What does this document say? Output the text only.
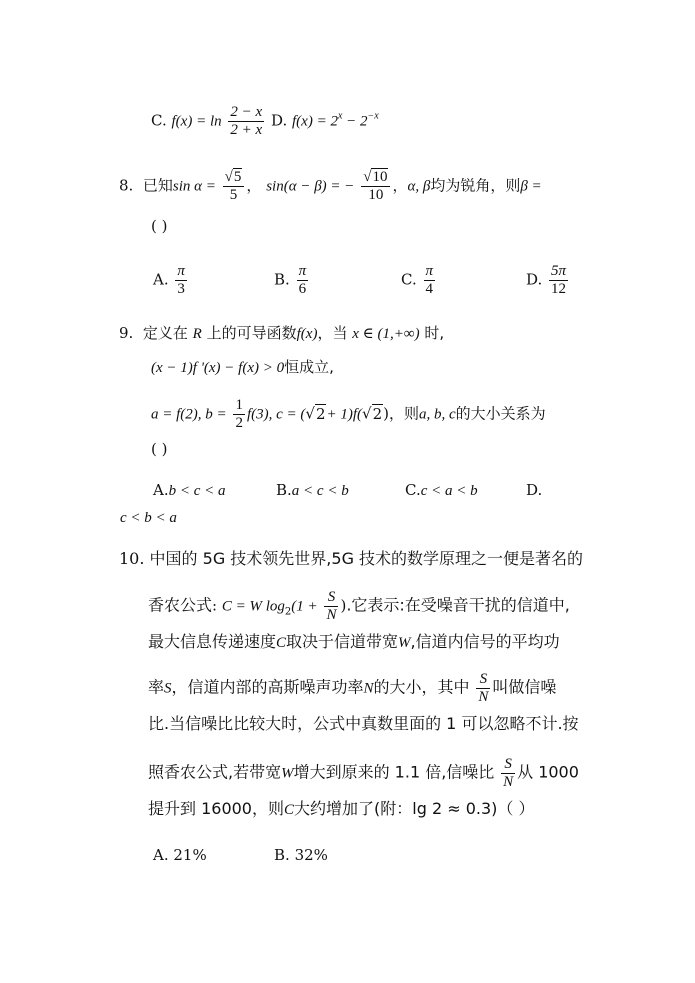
C. $f(x) = \ln \frac{2 - x}{2 + x} D$. $f(x) = 2^x - 2^{-x}$
8. 已知$\sin \alpha = \frac{√5}{5}$ ， sin(α − β) = − $\frac{√10}{10}$ ，α, β均为锐角，则β =
( )
A. $\frac{\pi}{3}$	B. $\frac{\pi}{6}$	C. $\frac{\pi}{4}$	D. $\frac{5\pi}{12}$
9. 定义在 R 上的可导函数f(x)，当 x ∈ (1,+∞) 时,
(x − 1)f '(x) − f(x) > 0恒成立,
a = f(2), $b = \frac{1}{2} f(3)$, c = (√2+ 1)f(√2)，则a, b, c的大小关系为
( )
A.b < c < a	B.a < c < b	C.c < a < b	D.
c < b < a
10. 中国的 5G 技术领先世界,5G 技术的数学原理之一便是著名的
香农公式: C = W $\log_2(1 + \frac{S}{N}$ ).它表示:在受噪音干扰的信道中,
最大信息传递速度C取决于信道带宽W,信道内信号的平均功
率S，信道内部的高斯噪声功率N的大小，其中 $\frac{S}{N}$ 叫做信噪
比.当信噪比比较大时，公式中真数里面的 1 可以忽略不计.按
照香农公式,若带宽W增大到原来的 1.1 倍,信噪比 $\frac{S}{N}$ 从 1000
提升到 16000，则C大约增加了(附：lg 2 ≈ 0.3)（ ）
A. 21%	B. 32%
